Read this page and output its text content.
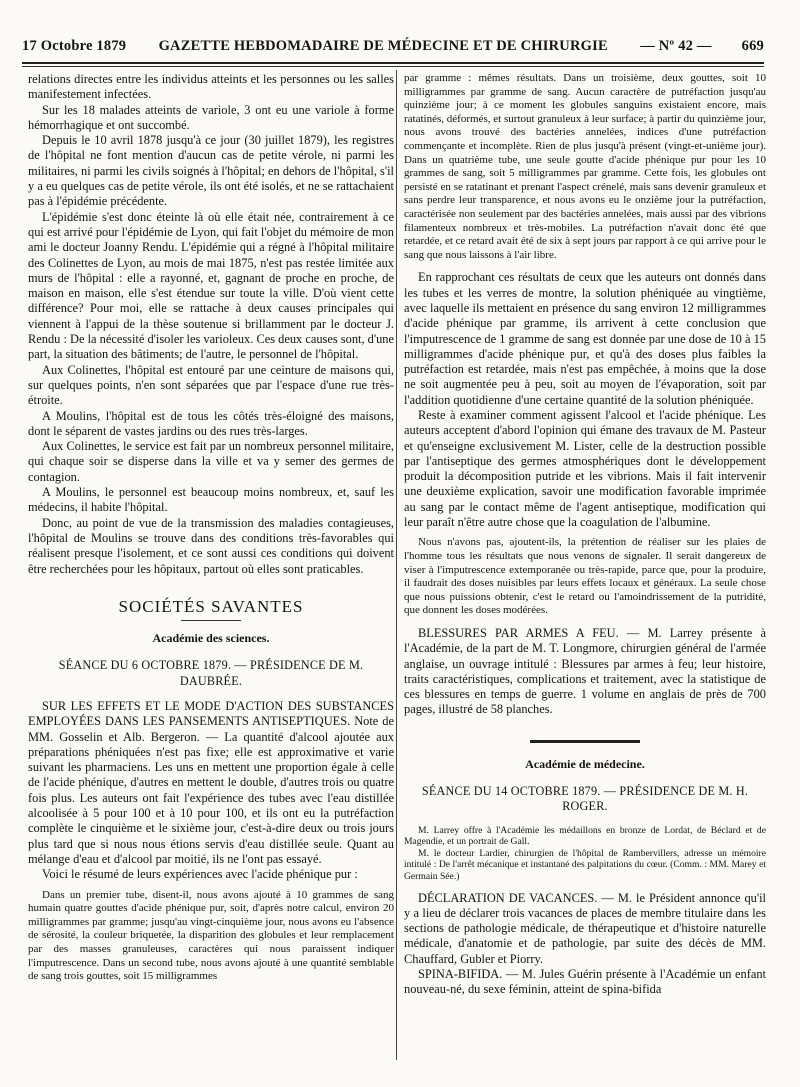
17 Octobre 1879 GAZETTE HEBDOMADAIRE DE MÉDECINE ET DE CHIRURGIE — Nº 42 — 669

relations directes entre les individus atteints et les personnes ou les salles manifestement infectées.

Sur les 18 malades atteints de variole, 3 ont eu une variole à forme hémorrhagique et ont succombé.

Depuis le 10 avril 1878 jusqu'à ce jour (30 juillet 1879), les registres de l'hôpital ne font mention d'aucun cas de petite vérole, ni parmi les militaires, ni parmi les civils soignés à l'hôpital; en dehors de l'hôpital, s'il y a eu quelques cas de petite vérole, ils ont été isolés, et ne se rattachaient pas à l'épidémie précédente.

L'épidémie s'est donc éteinte là où elle était née, contrairement à ce qui est arrivé pour l'épidémie de Lyon, qui fait l'objet du mémoire de mon ami le docteur Joanny Rendu. L'épidémie qui a régné à l'hôpital militaire des Colinettes de Lyon, au mois de mai 1875, n'est pas restée limitée aux murs de l'hôpital : elle a rayonné, et, gagnant de proche en proche, de maison en maison, elle s'est étendue sur toute la ville. D'où vient cette différence? Pour moi, elle se rattache à deux causes principales qui viennent à l'appui de la thèse soutenue si brillamment par le docteur J. Rendu : De la nécessité d'isoler les varioleux. Ces deux causes sont, d'une part, la situation des bâtiments; de l'autre, le personnel de l'hôpital.

Aux Colinettes, l'hôpital est entouré par une ceinture de maisons qui, sur quelques points, n'en sont séparées que par l'espace d'une rue très-étroite.

A Moulins, l'hôpital est de tous les côtés très-éloigné des maisons, dont le séparent de vastes jardins ou des rues très-larges.

Aux Colinettes, le service est fait par un nombreux personnel militaire, qui chaque soir se disperse dans la ville et va y semer des germes de contagion.

A Moulins, le personnel est beaucoup moins nombreux, et, sauf les médecins, il habite l'hôpital.

Donc, au point de vue de la transmission des maladies contagieuses, l'hôpital de Moulins se trouve dans des conditions très-favorables qui réalisent presque l'isolement, et ce sont aussi ces conditions qui doivent être recherchées pour les hôpitaux, partout où elles sont praticables.

SOCIÉTÉS SAVANTES
Académie des sciences.
SÉANCE DU 6 OCTOBRE 1879. — PRÉSIDENCE DE M. DAUBRÉE.

SUR LES EFFETS ET LE MODE D'ACTION DES SUBSTANCES EMPLOYÉES DANS LES PANSEMENTS ANTISEPTIQUES. Note de MM. Gosselin et Alb. Bergeron. — La quantité d'alcool ajoutée aux préparations phéniquées n'est pas fixe; elle est approximative et varie suivant les pharmaciens. Les uns en mettent une proportion égale à celle de l'acide phénique, d'autres en mettent le double, d'autres trois ou quatre fois plus. Les auteurs ont fait l'expérience des tubes avec l'eau distillée alcoolisée à 5 pour 100 et à 10 pour 100, et ils ont eu la putréfaction complète le cinquième et le sixième jour, c'est-à-dire deux ou trois jours plus tard que si nous nous étions servis d'eau distillée seule. Quant au mélange d'eau et d'alcool par moitié, ils ne l'ont pas essayé.

Voici le résumé de leurs expériences avec l'acide phénique pur :

Dans un premier tube, disent-il, nous avons ajouté à 10 grammes de sang humain quatre gouttes d'acide phénique pur, soit, d'après notre calcul, environ 20 milligrammes par gramme; jusqu'au vingt-cinquième jour, nous avons eu l'absence de sérosité, la couleur briquetée, la disparition des globules et leur remplacement par des masses granuleuses, caractères qui nous paraissent indiquer l'imputrescence. Dans un second tube, nous avons ajouté à une quantité semblable de sang trois gouttes, soit 15 milligrammes

par gramme : mêmes résultats. Dans un troisième, deux gouttes, soit 10 milligrammes par gramme de sang. Aucun caractère de putréfaction jusqu'au quinzième jour; à ce moment les globules sanguins existaient encore, mais ratatinés, déformés, et surtout granuleux à leur surface; à partir du quinzième jour, nous avons trouvé des bactéries annelées, indices d'une putréfaction commençante et incomplète. Rien de plus jusqu'à présent (vingt-et-unième jour). Dans un quatrième tube, une seule goutte d'acide phénique pur pour les 10 grammes de sang, soit 5 milligrammes par gramme. Cette fois, les globules ont persisté en se ratatinant et prenant l'aspect crénelé, mais sans devenir granuleux et sans perdre leur transparence, et nous avons eu le onzième jour la putréfaction, caractérisée non seulement par des bactéries annelées, mais aussi par des vibrions filamenteux nombreux et très-mobiles. La putréfaction n'avait donc été que retardée, et ce retard avait été de six à sept jours par rapport à ce qui arrive pour le sang que nous laissons à l'air libre.

En rapprochant ces résultats de ceux que les auteurs ont donnés dans les tubes et les verres de montre, la solution phéniquée au vingtième, avec laquelle ils mettaient en présence du sang environ 12 milligrammes d'acide phénique par gramme, ils arrivent à cette conclusion que l'imputrescence de 1 gramme de sang est donnée par une dose de 10 à 15 milligrammes d'acide phénique pur, et qu'à des doses plus faibles la putréfaction est retardée, mais n'est pas empêchée, à moins que la dose ne soit augmentée peu à peu, soit au moyen de l'évaporation, soit par l'addition quotidienne d'une certaine quantité de la solution phéniquée.

Reste à examiner comment agissent l'alcool et l'acide phénique. Les auteurs acceptent d'abord l'opinion qui émane des travaux de M. Pasteur et qu'enseigne exclusivement M. Lister, celle de la destruction possible par l'antiseptique des germes atmosphériques dont le développement produit la décomposition putride et les vibrions. Mais il fait intervenir une deuxième explication, savoir une modification favorable imprimée au sang par le contact même de l'agent antiseptique, modification qui leur paraît n'être autre chose que la coagulation de l'albumine.

Nous n'avons pas, ajoutent-ils, la prétention de réaliser sur les plaies de l'homme tous les résultats que nous venons de signaler. Il serait dangereux de viser à l'imputrescence extemporanée ou très-rapide, parce que, pour la produire, il faudrait des doses nuisibles par leurs effets locaux et généraux. La seule chose que nous puissions obtenir, c'est le retard ou l'amoindrissement de la putridité, que donnent les doses modérées.

BLESSURES PAR ARMES A FEU. — M. Larrey présente à l'Académie, de la part de M. T. Longmore, chirurgien général de l'armée anglaise, un ouvrage intitulé : Blessures par armes à feu; leur histoire, traits caractéristiques, complications et traitement, avec la statistique de ces blessures en temps de guerre. 1 volume en anglais de près de 700 pages, illustré de 58 planches.

Académie de médecine.
SÉANCE DU 14 OCTOBRE 1879. — PRÉSIDENCE DE M. H. ROGER.

M. Larrey offre à l'Académie les médaillons en bronze de Lordat, de Béclard et de Magendie, et un portrait de Gall.

M. le docteur Lardier, chirurgien de l'hôpital de Rambervillers, adresse un mémoire intitulé : De l'arrêt mécanique et instantané des palpitations du cœur. (Comm. : MM. Marey et Germain Sée.)

DÉCLARATION DE VACANCES. — M. le Président annonce qu'il y a lieu de déclarer trois vacances de places de membre titulaire dans les sections de pathologie médicale, de thérapeutique et d'histoire naturelle médicale, d'anatomie et de pathologie, par suite des décès de MM. Chauffard, Gubler et Piorry.

SPINA-BIFIDA. — M. Jules Guérin présente à l'Académie un enfant nouveau-né, du sexe féminin, atteint de spina-bifida
